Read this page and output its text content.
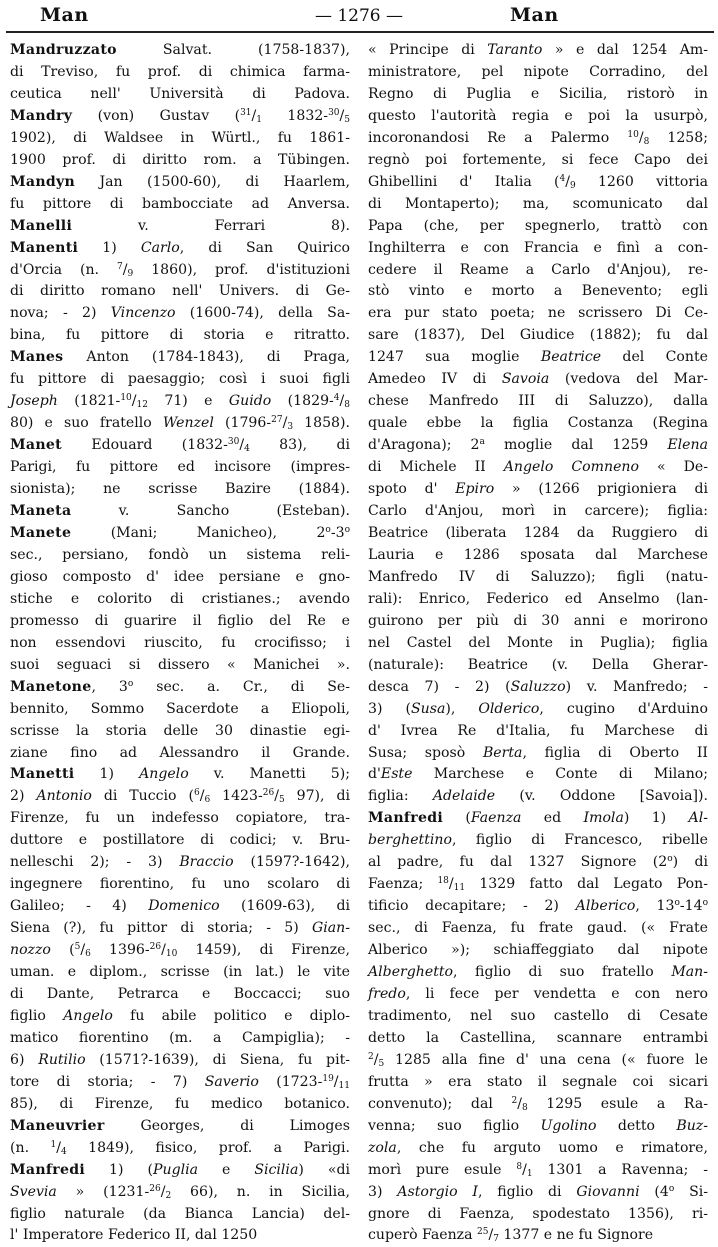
Man	— 1276 —	Man
Mandruzzato Salvat. (1758-1837),
di Treviso, fu prof. di chimica farma-
ceutica nell' Università di Padova.
Mandry (von) Gustav ($^{31}/_1$ $1832-^{30}/_5$
1902), di Waldsee in Würtl., fu 1861-
1900 prof. di diritto rom. a Tübingen.
Mandyn Jan (1500-60), di Haarlem,
fu pittore di bambocciate ad Anversa.
Manelli v. Ferrari 8).
Manenti 1) Carlo, di San Quirico
d'Orcia (n. $^7/_9$ 1860), prof. d'istituzioni
di diritto romano nell' Univers. di Ge-
nova; - 2) Vincenzo (1600-74), della Sa-
bina, fu pittore di storia e ritratto.
Manes Anton (1784-1843), di Praga,
fu pittore di paesaggio; così i suoi figli
Joseph ($1821-^{10}/_{12}$ 71) e Guido ($1829-^4/_8$
80) e suo fratello Wenzel ($1796-^{27}/_3$ 1858).
Manet Edouard ($1832-^{30}/_4$ 83), di
Parigi, fu pittore ed incisore (impres-
sionista); ne scrisse Bazire (1884).
Maneta v. Sancho (Esteban).
Manete (Mani; Manicheo), 2$^o$-3$^o$
sec., persiano, fondò un sistema reli-
gioso composto d' idee persiane e gno-
stiche e colorito di cristianes.; avendo
promesso di guarire il figlio del Re e
non essendovi riuscito, fu crocifisso; i
suoi seguaci si dissero « Manichei ».
Manetone, 3$^o$ sec. a. Cr., di Se-
bennito, Sommo Sacerdote a Eliopoli,
scrisse la storia delle 30 dinastie egi-
ziane fino ad Alessandro il Grande.
Manetti 1) Angelo v. Manetti 5);
2) Antonio di Tuccio ($^6/_6$ $1423-^{26}/_5$ 97), di
Firenze, fu un indefesso copiatore, tra-
duttore e postillatore di codici; v. Bru-
nelleschi 2); - 3) Braccio (1597?-1642),
ingegnere fiorentino, fu uno scolaro di
Galileo; - 4) Domenico (1609-63), di
Siena (?), fu pittor di storia; - 5) Gian-
nozzo ($^5/_6$ $1396-^{26}/_{10}$ 1459), di Firenze,
uman. e diplom., scrisse (in lat.) le vite
di Dante, Petrarca e Boccacci; suo
figlio Angelo fu abile politico e diplo-
matico fiorentino (m. a Campiglia); -
6) Rutilio (1571?-1639), di Siena, fu pit-
tore di storia; - 7) Saverio ($1723-^{19}/_{11}$
85), di Firenze, fu medico botanico.
Maneuvrier Georges, di Limoges
(n. $^1/_4$ 1849), fisico, prof. a Parigi.
Manfredi 1) (Puglia e Sicilia) «di
Svevia » ($1231-^{26}/_2$ 66), n. in Sicilia,
figlio naturale (da Bianca Lancia) del-
l' Imperatore Federico II, dal 1250
« Principe di Taranto » e dal 1254 Am-
ministratore, pel nipote Corradino, del
Regno di Puglia e Sicilia, ristorò in
questo l'autorità regia e poi la usurpò,
incoronandosi Re a Palermo $^{10}/_8$ 1258;
regnò poi fortemente, si fece Capo dei
Ghibellini d' Italia ($^4/_9$ 1260 vittoria
di Montaperto); ma, scomunicato dal
Papa (che, per spegnerlo, trattò con
Inghilterra e con Francia e finì a con-
cedere il Reame a Carlo d'Anjou), re-
stò vinto e morto a Benevento; egli
era pur stato poeta; ne scrissero Di Ce-
sare (1837), Del Giudice (1882); fu dal
1247 sua moglie Beatrice del Conte
Amedeo IV di Savoia (vedova del Mar-
chese Manfredo III di Saluzzo), dalla
quale ebbe la figlia Costanza (Regina
d'Aragona); 2$^a$ moglie dal 1259 Elena
di Michele II Angelo Comneno « De-
spoto d' Epiro » (1266 prigioniera di
Carlo d'Anjou, morì in carcere); figlia:
Beatrice (liberata 1284 da Ruggiero di
Lauria e 1286 sposata dal Marchese
Manfredo IV di Saluzzo); figli (natu-
rali): Enrico, Federico ed Anselmo (lan-
guirono per più di 30 anni e morirono
nel Castel del Monte in Puglia); figlia
(naturale): Beatrice (v. Della Gherar-
desca 7) - 2) (Saluzzo) v. Manfredo; -
3) (Susa), Olderico, cugino d'Arduino
d' Ivrea Re d'Italia, fu Marchese di
Susa; sposò Berta, figlia di Oberto II
d'Este Marchese e Conte di Milano;
figlia: Adelaide (v. Oddone [Savoia]).
Manfredi (Faenza ed Imola) 1) Al-
berghettino, figlio di Francesco, ribelle
al padre, fu dal 1327 Signore (2$^o$) di
Faenza; $^{18}/_{11}$ 1329 fatto dal Legato Pon-
tificio decapitare; - 2) Alberico, 13$^o$-14$^o$
sec., di Faenza, fu frate gaud. (« Frate
Alberico »); schiaffeggiato dal nipote
Alberghetto, figlio di suo fratello Man-
fredo, li fece per vendetta e con nero
tradimento, nel suo castello di Cesate
detto la Castellina, scannare entrambi
$^2/_5$ 1285 alla fine d' una cena (« fuore le
frutta » era stato il segnale coi sicari
convenuto); dal $^2/_8$ 1295 esule a Ra-
venna; suo figlio Ugolino detto Buz-
zola, che fu arguto uomo e rimatore,
morì pure esule $^8/_1$ 1301 a Ravenna; -
3) Astorgio I, figlio di Giovanni (4$^o$ Si-
gnore di Faenza, spodestato 1356), ri-
cuperò Faenza $^{25}/_7$ 1377 e ne fu Signore
